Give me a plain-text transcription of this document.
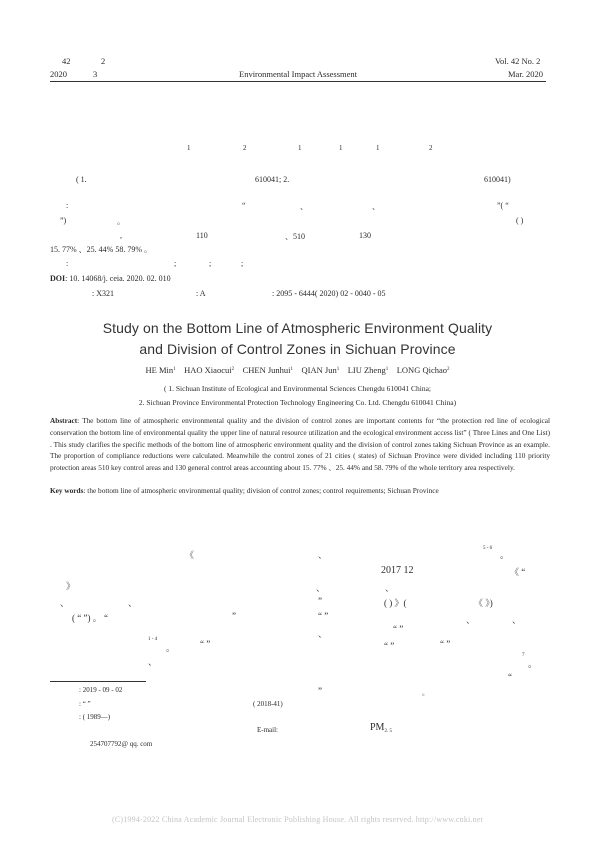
42	2
2020	3	Environmental Impact Assessment
Vol. 42 No. 2
Mar. 2020
1	2	1	1	1	2
( 1.	610041; 2.	610041)
:	“	、	、	”( “
”)	。	( )
,	110	、510	130
15. 77% 、25. 44% 58. 79% 。
:	;	;	;
DOI: 10. 14068/j. ceia. 2020. 02. 010
: X321	: A	: 2095 - 6444( 2020) 02 - 0040 - 05
Study on the Bottom Line of Atmospheric Environment Quality
and Division of Control Zones in Sichuan Province
HE Min$^1$ HAO Xiaocui$^2$ CHEN Junhui$^1$ QIAN Jun$^1$ LIU Zheng$^1$ LONG Qichao$^2$
( 1. Sichuan Institute of Ecological and Environmental Sciences Chengdu 610041 China;
2. Sichuan Province Environmental Protection Technology Engineering Co. Ltd. Chengdu 610041 China)
Abstract: The bottom line of atmospheric environmental quality and the division of control zones are important contents for “the protection red line of ecological conservation the bottom line of environmental quality the upper line of natural resource utilization and the ecological environment access list” ( Three Lines and One List) . This study clarifies the specific methods of the bottom line of atmospheric environment quality and the division of control zones taking Sichuan Province as an example. The proportion of compliance reductions were calculated. Meanwhile the control zones of 21 cities ( states) of Sichuan Province were divided including 110 priority protection areas 510 key control areas and 130 general control areas accounting about 15. 77% 、25. 44% and 58. 79% of the whole territory area respectively.
Key words: the bottom line of atmospheric environmental quality; division of control zones; control requirements; Sichuan Province
《	、
5 - 6
。
2017 12	《 “
》	、	、
、	、	”	( ) 》(	《 》)
( “ ”) 。 “	”	“ ”	、	、
、	“ ”
1 - 4
。	“ ”	“ ”	“ ”
、
7
。
“
: 2019 - 09 - 02
: “ ”	( 2018-41)
: ( 1989—)
E-mail:
254707792@ qq. com
”	。
$PM_{2. 5}$
(C)1994-2022 China Academic Journal Electronic Publishing House. All rights reserved. http://www.cnki.net
